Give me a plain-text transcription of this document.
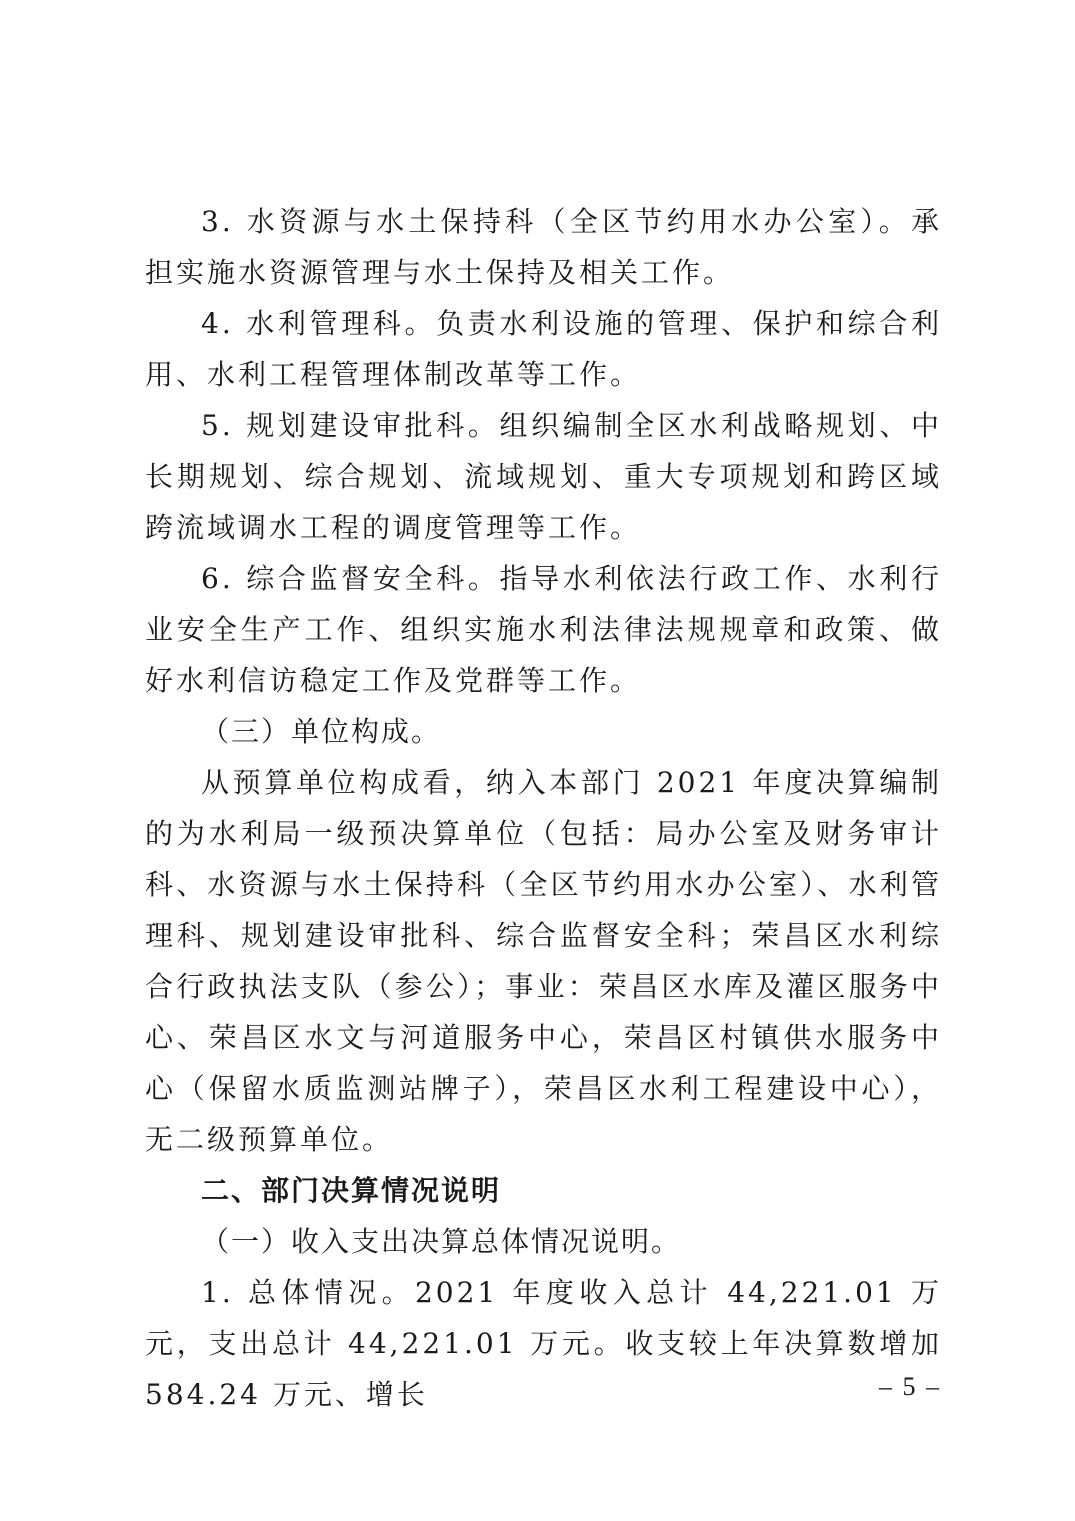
3. 水资源与水土保持科（全区节约用水办公室）。承担实施水资源管理与水土保持及相关工作。

4. 水利管理科。负责水利设施的管理、保护和综合利用、水利工程管理体制改革等工作。

5. 规划建设审批科。组织编制全区水利战略规划、中长期规划、综合规划、流域规划、重大专项规划和跨区域跨流域调水工程的调度管理等工作。

6. 综合监督安全科。指导水利依法行政工作、水利行业安全生产工作、组织实施水利法律法规规章和政策、做好水利信访稳定工作及党群等工作。

（三）单位构成。

从预算单位构成看，纳入本部门 2021 年度决算编制的为水利局一级预决算单位（包括：局办公室及财务审计科、水资源与水土保持科（全区节约用水办公室）、水利管理科、规划建设审批科、综合监督安全科；荣昌区水利综合行政执法支队（参公）；事业：荣昌区水库及灌区服务中心、荣昌区水文与河道服务中心，荣昌区村镇供水服务中心（保留水质监测站牌子），荣昌区水利工程建设中心），无二级预算单位。

二、部门决算情况说明

（一）收入支出决算总体情况说明。

1. 总体情况。2021 年度收入总计 44,221.01 万元，支出总计 44,221.01 万元。收支较上年决算数增加 584.24 万元、增长	– 5 –
